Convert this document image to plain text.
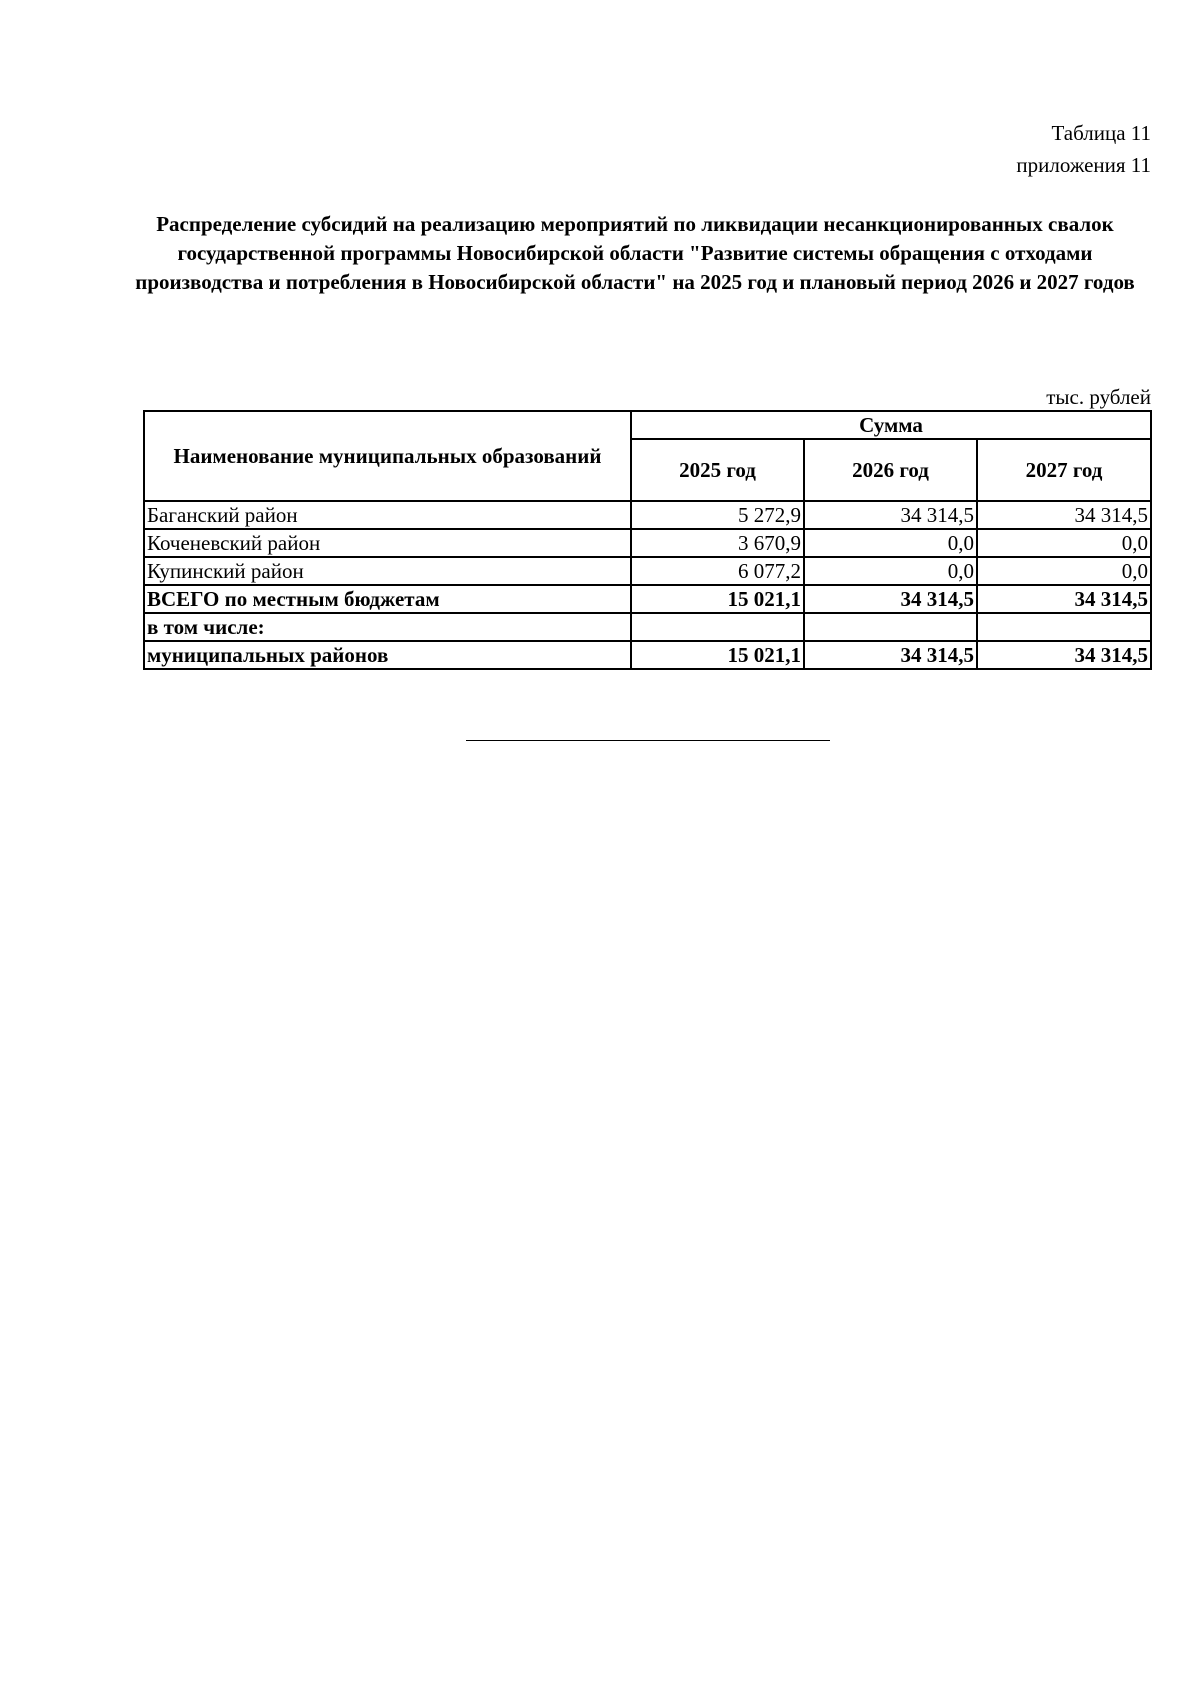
Таблица 11
приложения 11
Распределение субсидий на реализацию мероприятий по ликвидации несанкционированных свалок государственной программы Новосибирской области "Развитие системы обращения с отходами производства и потребления в Новосибирской области" на 2025 год и плановый период 2026 и 2027 годов
тыс. рублей
Наименование муниципальных образований	Сумма		
	2025 год	2026 год	2027 год
Баганский район	5 272,9	34 314,5	34 314,5
Коченевский район	3 670,9	0,0	0,0
Купинский район	6 077,2	0,0	0,0
ВСЕГО по местным бюджетам	15 021,1	34 314,5	34 314,5
в том числе:			
муниципальных районов	15 021,1	34 314,5	34 314,5
